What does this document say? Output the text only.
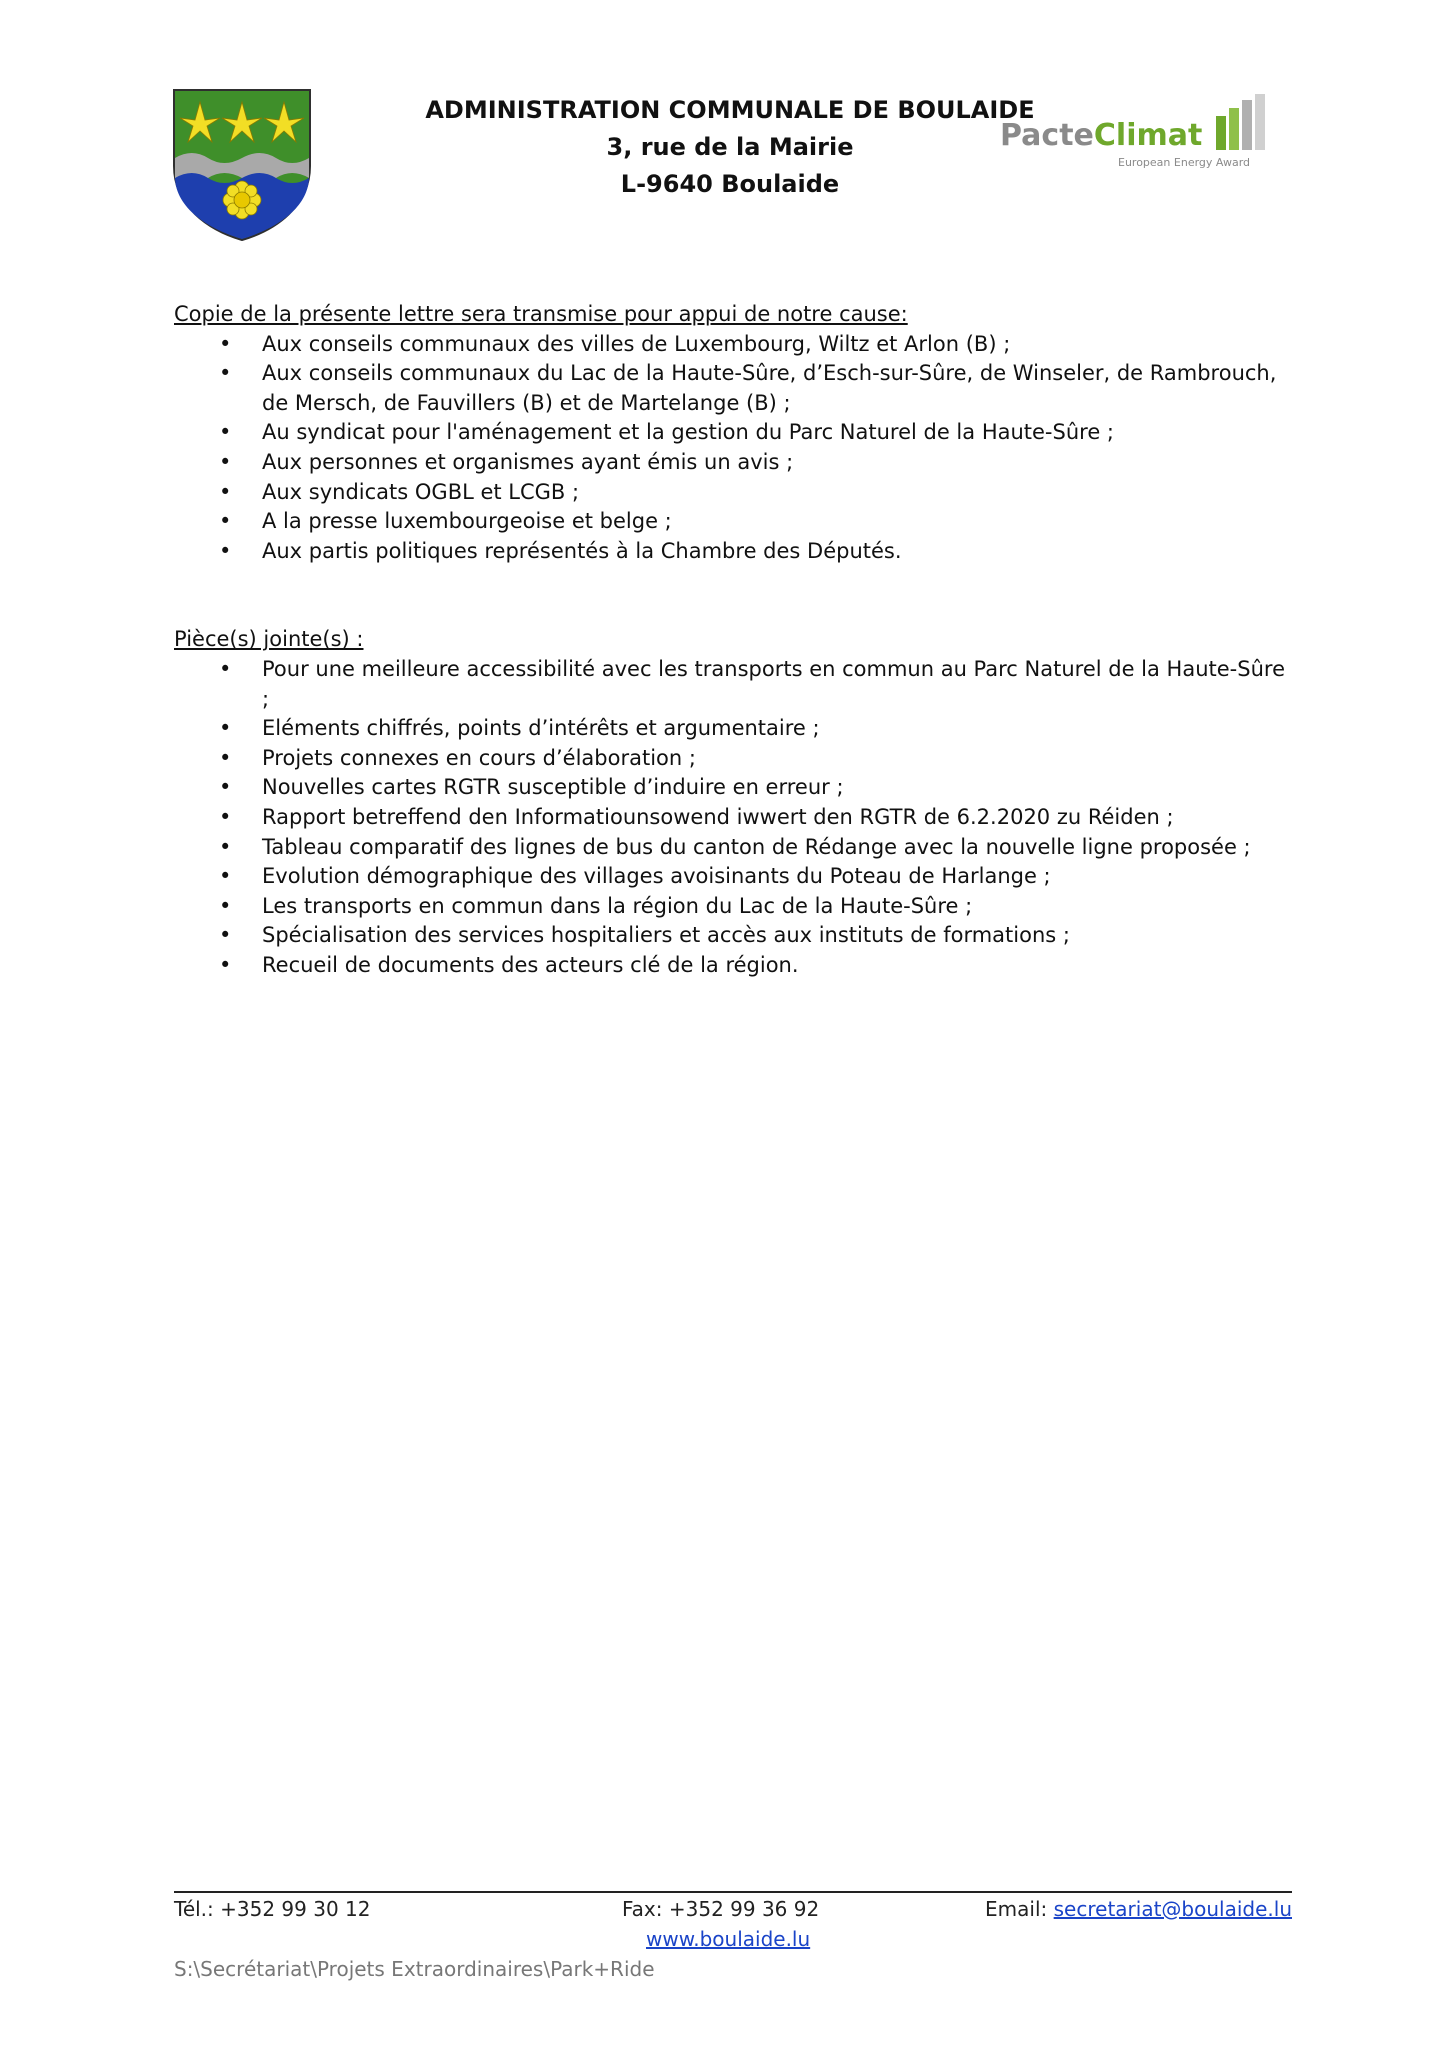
ADMINISTRATION COMMUNALE DE BOULAIDE
3, rue de la Mairie
L-9640 Boulaide
PacteClimat
European Energy Award

Copie de la présente lettre sera transmise pour appui de notre cause:

• Aux conseils communaux des villes de Luxembourg, Wiltz et Arlon (B) ;
• Aux conseils communaux du Lac de la Haute-Sûre, d’Esch-sur-Sûre, de Winseler, de Rambrouch, de Mersch, de Fauvillers (B) et de Martelange (B) ;
• Au syndicat pour l'aménagement et la gestion du Parc Naturel de la Haute-Sûre ;
• Aux personnes et organismes ayant émis un avis ;
• Aux syndicats OGBL et LCGB ;
• A la presse luxembourgeoise et belge ;
• Aux partis politiques représentés à la Chambre des Députés.

Pièce(s) jointe(s) :

• Pour une meilleure accessibilité avec les transports en commun au Parc Naturel de la Haute-Sûre ;
• Eléments chiffrés, points d’intérêts et argumentaire ;
• Projets connexes en cours d’élaboration ;
• Nouvelles cartes RGTR susceptible d’induire en erreur ;
• Rapport betreffend den Informatiounsowend iwwert den RGTR de 6.2.2020 zu Réiden ;
• Tableau comparatif des lignes de bus du canton de Rédange avec la nouvelle ligne proposée ;
• Evolution démographique des villages avoisinants du Poteau de Harlange ;
• Les transports en commun dans la région du Lac de la Haute-Sûre ;
• Spécialisation des services hospitaliers et accès aux instituts de formations ;
• Recueil de documents des acteurs clé de la région.
Tél.: +352 99 30 12	Fax: +352 99 36 92	Email: secretariat@boulaide.lu
www.boulaide.lu
S:\Secrétariat\Projets Extraordinaires\Park+Ride
